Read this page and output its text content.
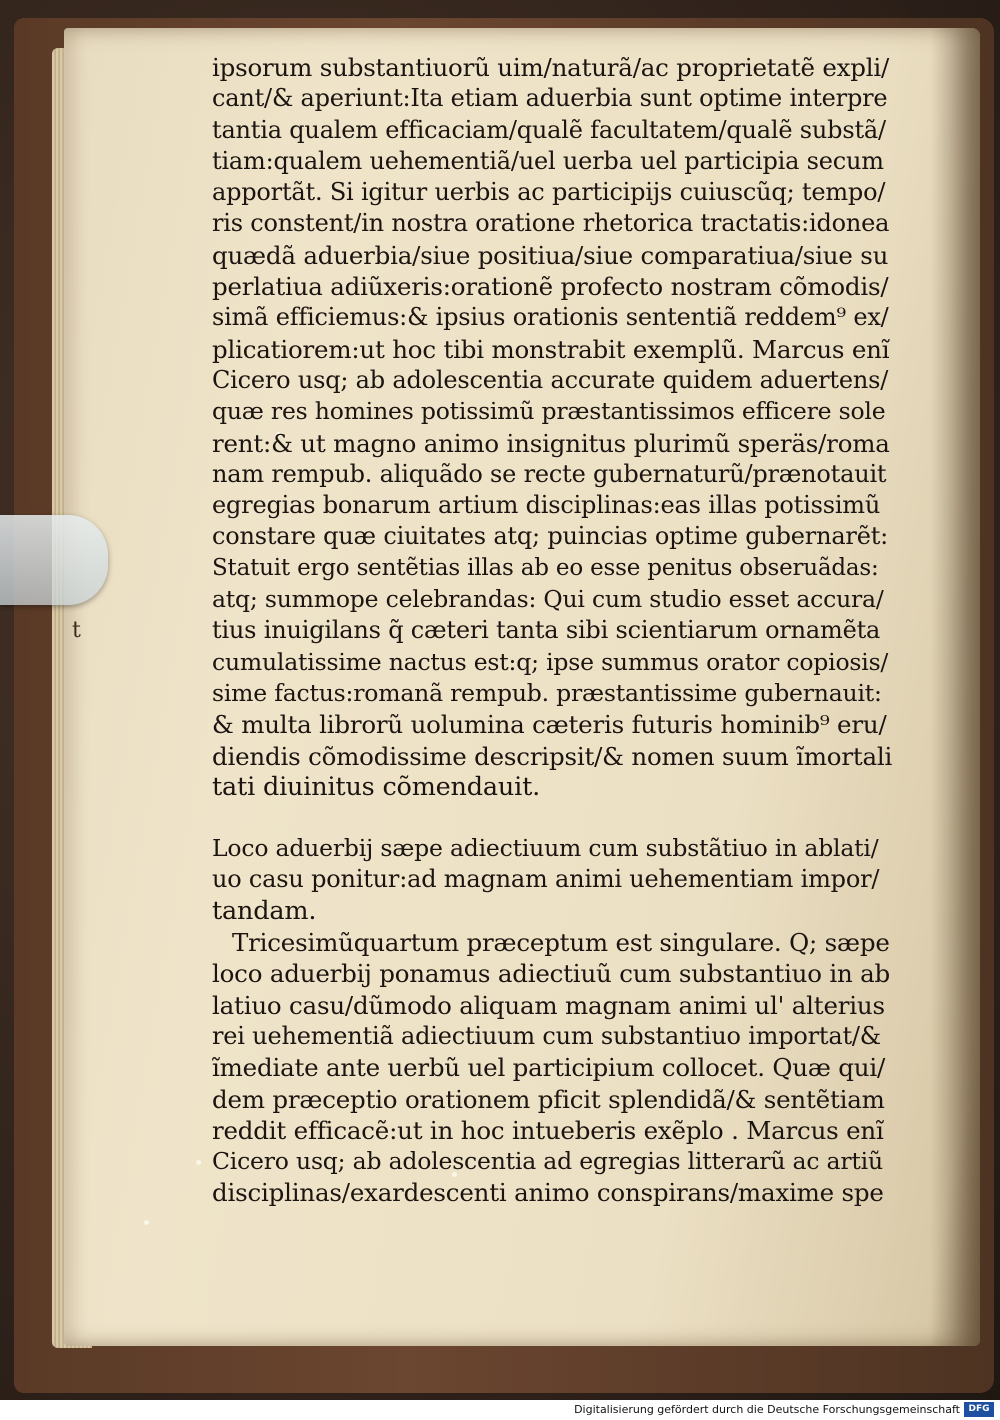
t
ipsorum substantiuorũ uim/naturã/ac proprietatẽ expli/
cant/& aperiunt:Ita etiam aduerbia sunt optime interpre
tantia qualem efficaciam/qualẽ facultatem/qualẽ substã/
tiam:qualem uehementiã/uel uerba uel participia secum
apportãt. Si igitur uerbis ac participijs cuiuscũq; tempo/
ris constent/in nostra oratione rhetorica tractatis:idonea
quædã aduerbia/siue positiua/siue comparatiua/siue su
perlatiua adiũxeris:orationẽ profecto nostram cõmodis/
simã efficiemus:& ipsius orationis sententiã reddem⁹ ex/
plicatiorem:ut hoc tibi monstrabit exemplũ. Marcus enĩ
Cicero usq; ab adolescentia accurate quidem aduertens/
quæ res homines potissimũ præstantissimos efficere sole
rent:& ut magno animo insignitus plurimũ speräs/roma
nam rempub. aliquãdo se recte gubernaturũ/prænotauit
egregias bonarum artium disciplinas:eas illas potissimũ
constare quæ ciuitates atq; puincias optime gubernarẽt:
Statuit ergo sentẽtias illas ab eo esse penitus obseruãdas:
atq; summope celebrandas: Qui cum studio esset accura/
tius inuigilans q̃ cæteri tanta sibi scientiarum ornamẽta
cumulatissime nactus est:q; ipse summus orator copiosis/
sime factus:romanã rempub. præstantissime gubernauit:
& multa librorũ uolumina cæteris futuris hominib⁹ eru/
diendis cõmodissime descripsit/& nomen suum ĩmortali
tati diuinitus cõmendauit.
Loco aduerbij sæpe adiectiuum cum substãtiuo in ablati/
uo casu ponitur:ad magnam animi uehementiam impor/
tandam.
Tricesimũquartum præceptum est singulare. Q; sæpe
loco aduerbij ponamus adiectiuũ cum substantiuo in ab
latiuo casu/dũmodo aliquam magnam animi ul' alterius
rei uehementiã adiectiuum cum substantiuo importat/&
ĩmediate ante uerbũ uel participium collocet. Quæ qui/
dem præceptio orationem pficit splendidã/& sentẽtiam
reddit efficacẽ:ut in hoc intueberis exẽplo . Marcus enĩ
Cicero usq; ab adolescentia ad egregias litterarũ ac artiũ
disciplinas/exardescenti animo conspirans/maxime spe
Digitalisierung gefördert durch die Deutsche Forschungsgemeinschaft DFG
